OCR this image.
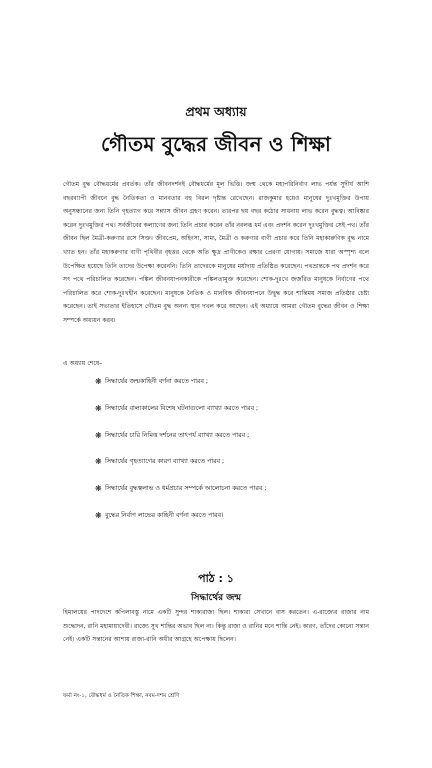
প্রথম অধ্যায়
গৌতম বুদ্ধের জীবন ও শিক্ষা

গৌতম বুদ্ধ বৌদ্ধধর্মের প্রবর্তক। তাঁর জীবনদর্শনই বৌদ্ধধর্মের মূল ভিত্তি। জন্ম থেকে মহাপরিনির্বাণ লাভ পর্যন্ত সুদীর্ঘ আশি বছরব্যাপী জীবনে বুদ্ধ নৈতিকতা ও মানবতার বহু বিরল দৃষ্টান্ত রেখেছেন। রাজকুমার হয়েও মানুষের দুঃখমুক্তির উপায় অনুসন্ধানের জন্য তিনি গৃহত্যাগ করে সন্ন্যাস জীবন গ্রহণ করেন। তারপর ছয় বছর কঠোর সাধনায় লাভ করেন বুদ্ধত্ব। আবিষ্কার করেন দুঃখমুক্তির পথ। সর্বজীবের কল্যাণের জন্য তিনি প্রচার করেন তাঁর নবলব্ধ ধর্ম এবং প্রদর্শন করেন দুঃখমুক্তির সেই পথ। তাঁর জীবন ছিল মৈত্রী-করুণার রসে সিক্ত। জীবপ্রেম, অহিংসা, সাম্য, মৈত্রী ও করুণার বাণী প্রচার করে তিনি মহাকারুণিক বুদ্ধ নামে খ্যাত হন। তাঁর মহাকরুণার বাণী পৃথিবীর বৃহত্তর থেকে অতি ক্ষুদ্র প্রাণীকেও রক্ষার প্রেরণা যোগায়। সমাজে যারা অস্পৃশ্য বলে উপেক্ষিত হয়েছে তিনি তাদের উপেক্ষা করেননি। তিনি তাদেরকে মানুষের মর্যাদায় প্রতিষ্ঠিত করেছেন। পথভ্রান্তকে পথ প্রদর্শন করে সৎ পথে পরিচালিত করেছেন। পঙ্কিল জীবনযাপনকারীকে পঙ্কিলতামুক্ত করেছেন। শোক-দুঃখে জর্জরিত মানুষকে নির্বাণের পথে পরিচালিত করে শোক-দুঃখহীন করেছেন। মানুষকে নৈতিক ও মানবিক জীবনযাপনে উদ্বুদ্ধ করে শান্তিময় সমাজ প্রতিষ্ঠার চেষ্টা করেছেন। তাই সভ্যতার ইতিহাসে গৌতম বুদ্ধ অনন্য স্থান দখল করে আছেন। এই অধ্যায়ে আমরা গৌতম বুদ্ধের জীবন ও শিক্ষা সম্পর্কে অধ্যয়ন করব।

এ অধ্যায় শেষে–
❋ সিদ্ধার্থের জন্মকাহিনী বর্ণনা করতে পারব ;
❋ সিদ্ধার্থের বাল্যকালের বিশেষ ঘটনাগুলো ব্যাখ্যা করতে পারব ;
❋ সিদ্ধার্থের চারি নিমিত্ত দর্শনের তাৎপর্য ব্যাখ্যা করতে পারব ;
❋ সিদ্ধার্থের গৃহত্যাগের কারণ ব্যাখ্যা করতে পারব ;
❋ সিদ্ধার্থের বুদ্ধত্বলাভ ও ধর্মপ্রচার সম্পর্কে আলোচনা করতে পারব ;
❋ বুদ্ধের নির্বাণ লাভের কাহিনী বর্ণনা করতে পারব।
পাঠ : ১
সিদ্ধার্থের জন্ম

হিমালয়ের পাদদেশে কপিলাবস্তু নামে একটি সুন্দর শাক্যরাজ্য ছিল। শাক্যরা সেখানে বাস করতেন। এ-রাজ্যের রাজার নাম শুদ্ধোদন, রানি মহামায়াদেবী। রাজ্যে সুখ শান্তির অভাব ছিল না। কিন্তু রাজা ও রানির মনে শান্তি নেই। কারণ, তাঁদের কোনো সন্তান নেই। একটি সন্তানের আশায় রাজা-রানি অধীর আগ্রহে অপেক্ষায় ছিলেন।

ফর্মা নং-১, বৌদ্ধধর্ম ও নৈতিক শিক্ষা, নবম-দশম শ্রেণি
